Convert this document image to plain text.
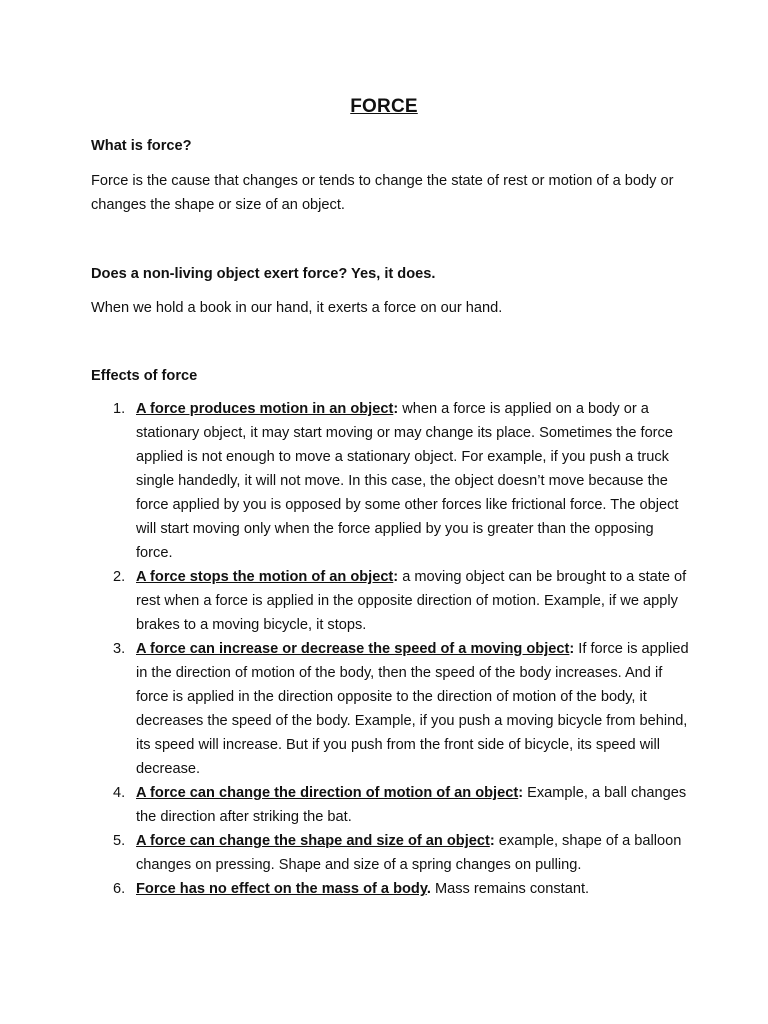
FORCE
What is force?
Force is the cause that changes or tends to change the state of rest or motion of a body or changes the shape or size of an object.
Does a non-living object exert force? Yes, it does.
When we hold a book in our hand, it exerts a force on our hand.
Effects of force
1. A force produces motion in an object: when a force is applied on a body or a stationary object, it may start moving or may change its place. Sometimes the force applied is not enough to move a stationary object. For example, if you push a truck single handedly, it will not move. In this case, the object doesn’t move because the force applied by you is opposed by some other forces like frictional force. The object will start moving only when the force applied by you is greater than the opposing force.
2. A force stops the motion of an object: a moving object can be brought to a state of rest when a force is applied in the opposite direction of motion. Example, if we apply brakes to a moving bicycle, it stops.
3. A force can increase or decrease the speed of a moving object: If force is applied in the direction of motion of the body, then the speed of the body increases. And if force is applied in the direction opposite to the direction of motion of the body, it decreases the speed of the body. Example, if you push a moving bicycle from behind, its speed will increase. But if you push from the front side of bicycle, its speed will decrease.
4. A force can change the direction of motion of an object: Example, a ball changes the direction after striking the bat.
5. A force can change the shape and size of an object: example, shape of a balloon changes on pressing. Shape and size of a spring changes on pulling.
6. Force has no effect on the mass of a body. Mass remains constant.
